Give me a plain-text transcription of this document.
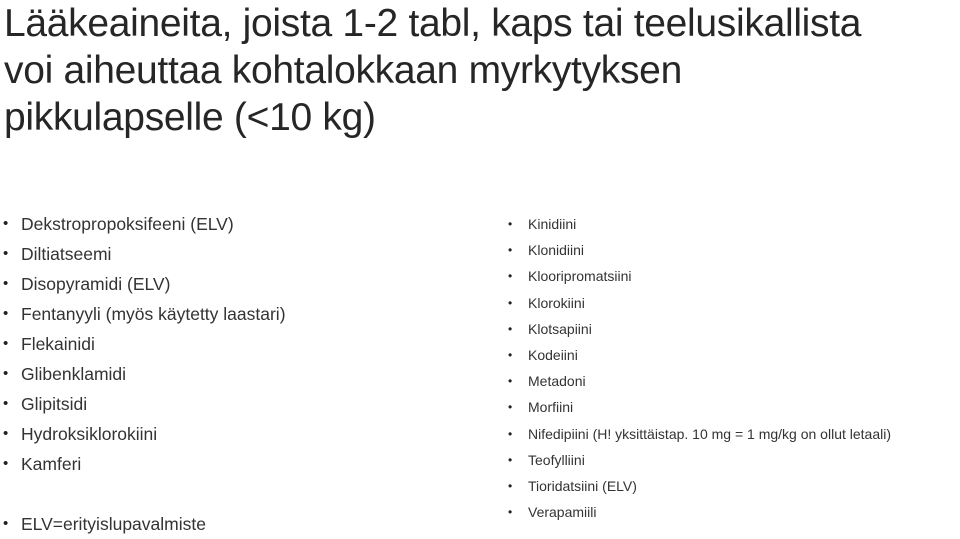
Lääkeaineita, joista 1-2 tabl, kaps tai teelusikallista
voi aiheuttaa kohtalokkaan myrkytyksen
pikkulapselle (<10 kg)
• Dekstropropoksifeeni (ELV)
• Diltiatseemi
• Disopyramidi (ELV)
• Fentanyyli (myös käytetty laastari)
• Flekainidi
• Glibenklamidi
• Glipitsidi
• Hydroksiklorokiini
• Kamferi
• ELV=erityislupavalmiste
• Kinidiini
• Klonidiini
• Klooripromatsiini
• Klorokiini
• Klotsapiini
• Kodeiini
• Metadoni
• Morfiini
• Nifedipiini (H! yksittäistap. 10 mg = 1 mg/kg on ollut letaali)
• Teofylliini
• Tioridatsiini (ELV)
• Verapamiili
